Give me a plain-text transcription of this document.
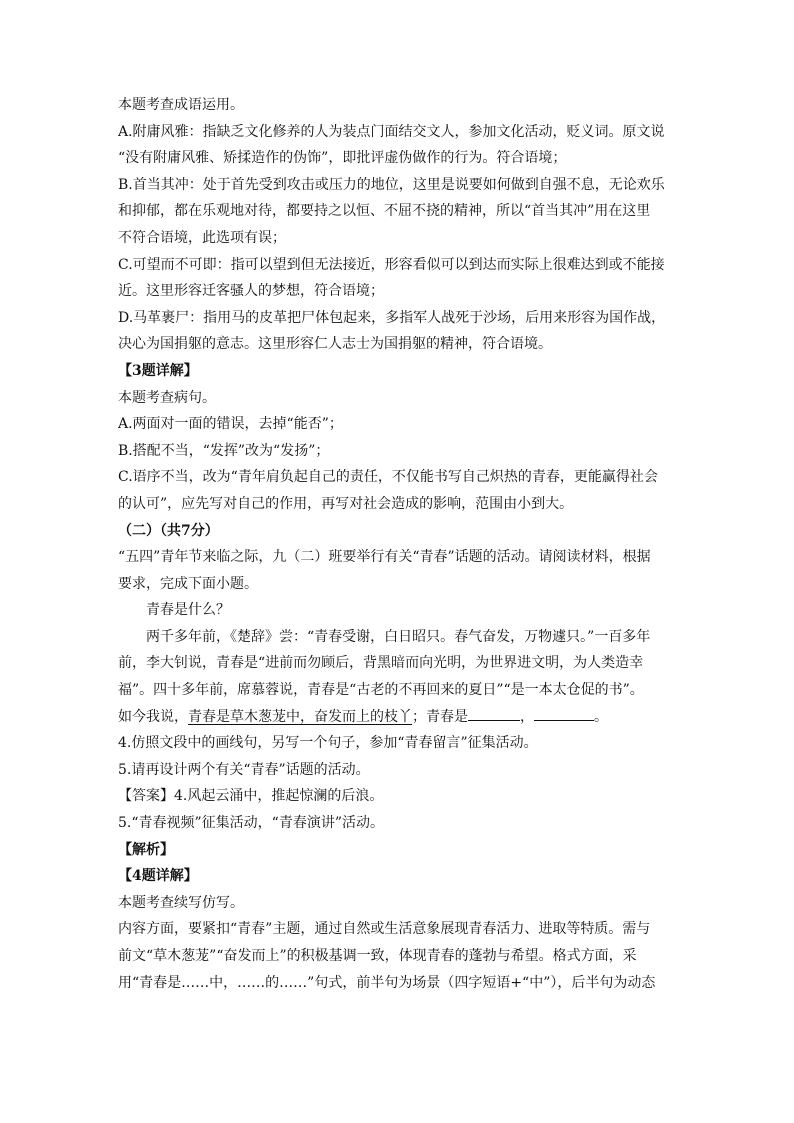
本题考查成语运用。
A.附庸风雅：指缺乏文化修养的人为装点门面结交文人，参加文化活动，贬义词。原文说
“没有附庸风雅、矫揉造作的伪饰”，即批评虚伪做作的行为。符合语境；
B.首当其冲：处于首先受到攻击或压力的地位，这里是说要如何做到自强不息，无论欢乐
和抑郁，都在乐观地对待，都要持之以恒、不屈不挠的精神，所以“首当其冲”用在这里
不符合语境，此选项有误；
C.可望而不可即：指可以望到但无法接近，形容看似可以到达而实际上很难达到或不能接
近。这里形容迁客骚人的梦想，符合语境；
D.马革裹尸：指用马的皮革把尸体包起来，多指军人战死于沙场，后用来形容为国作战，
决心为国捐躯的意志。这里形容仁人志士为国捐躯的精神，符合语境。
【3题详解】
本题考查病句。
A.两面对一面的错误，去掉“能否”；
B.搭配不当，“发挥”改为“发扬”；
C.语序不当，改为“青年肩负起自己的责任，不仅能书写自己炽热的青春，更能赢得社会
的认可”，应先写对自己的作用，再写对社会造成的影响，范围由小到大。
（二）（共7分）
“五四”青年节来临之际，九（二）班要举行有关“青春”话题的活动。请阅读材料，根据
要求，完成下面小题。
青春是什么？
两千多年前，《楚辞》尝：“青春受谢，白日昭只。春气奋发，万物遽只。”一百多年
前，李大钊说，青春是“进前而勿顾后，背黑暗而向光明，为世界进文明，为人类造幸
福”。四十多年前，席慕蓉说，青春是“古老的不再回来的夏日”“是一本太仓促的书”。
如今我说，青春是草木葱茏中，奋发而上的枝丫；青春是	，	。
4.仿照文段中的画线句，另写一个句子，参加“青春留言”征集活动。
5.请再设计两个有关“青春”话题的活动。
【答案】4.风起云涌中，推起惊澜的后浪。
5.“青春视频”征集活动，“青春演讲”活动。
【解析】
【4题详解】
本题考查续写仿写。
内容方面，要紧扣“青春”主题，通过自然或生活意象展现青春活力、进取等特质。需与
前文“草木葱茏”“奋发而上”的积极基调一致，体现青春的蓬勃与希望。格式方面，采
用“青春是……中，……的……”句式，前半句为场景（四字短语+“中”），后半句为动态
